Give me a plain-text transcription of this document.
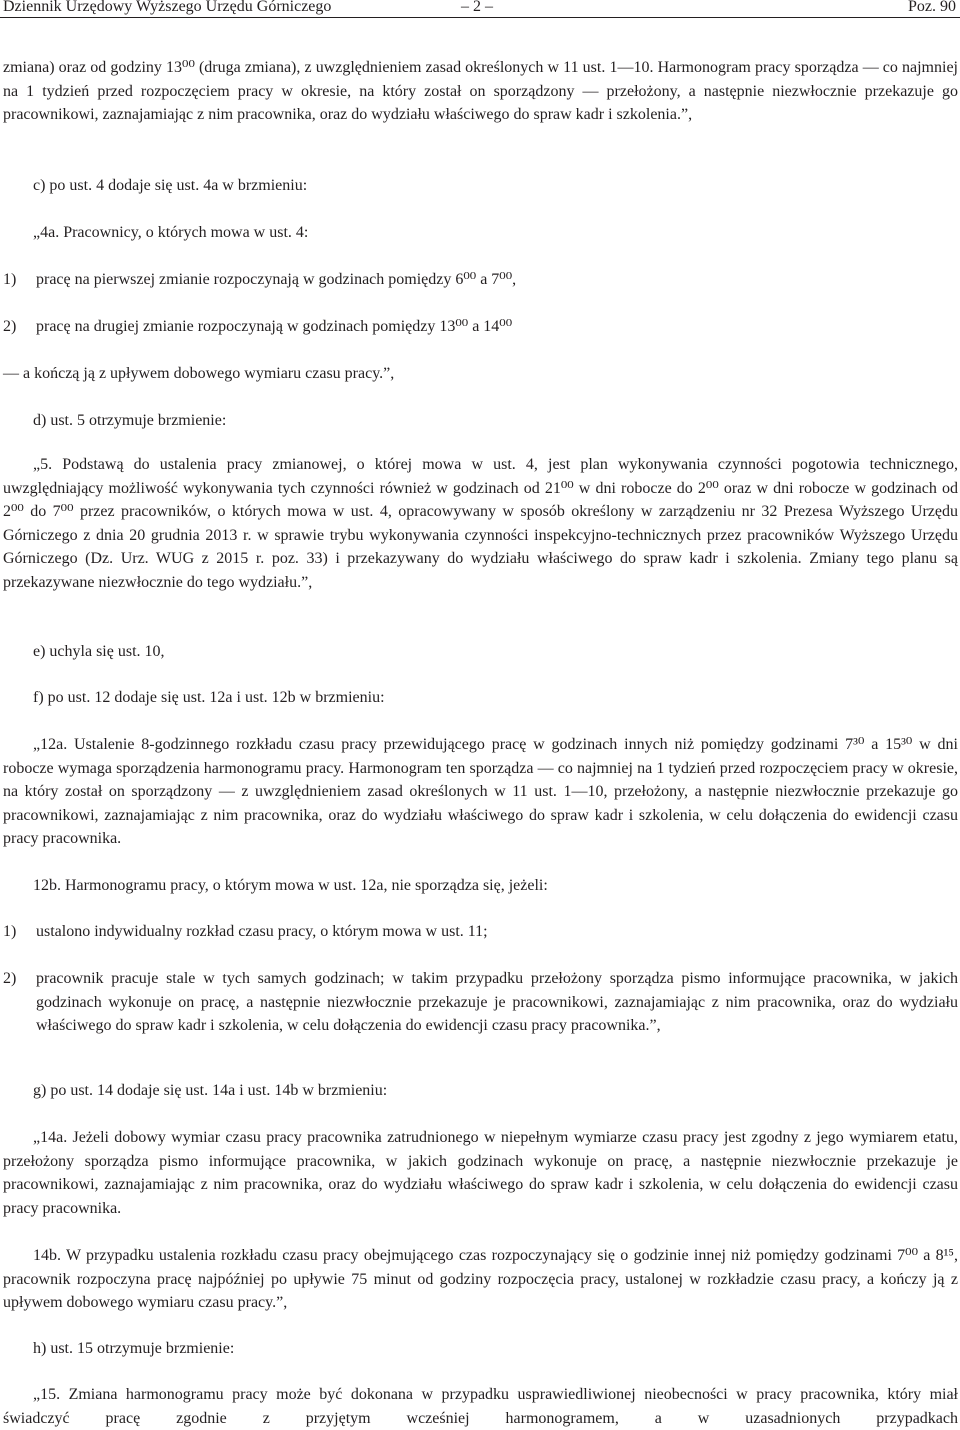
Dziennik Urzędowy Wyższego Urzędu Górniczego	– 2 –	Poz. 90

zmiana) oraz od godziny 13⁰⁰ (druga zmiana), z uwzględnieniem zasad określonych w 11 ust. 1—10. Harmonogram pracy sporządza — co najmniej na 1 tydzień przed rozpoczęciem pracy w okresie, na który został on sporządzony — przełożony, a następnie niezwłocznie przekazuje go pracownikowi, zaznajamiając z nim pracownika, oraz do wydziału właściwego do spraw kadr i szkolenia.”,

c) po ust. 4 dodaje się ust. 4a w brzmieniu:

„4a. Pracownicy, o których mowa w ust. 4:

1) pracę na pierwszej zmianie rozpoczynają w godzinach pomiędzy 6⁰⁰ a 7⁰⁰,
2) pracę na drugiej zmianie rozpoczynają w godzinach pomiędzy 13⁰⁰ a 14⁰⁰

— a kończą ją z upływem dobowego wymiaru czasu pracy.”,

d) ust. 5 otrzymuje brzmienie:

„5. Podstawą do ustalenia pracy zmianowej, o której mowa w ust. 4, jest plan wykonywania czynności pogotowia technicznego, uwzględniający możliwość wykonywania tych czynności również w godzinach od 21⁰⁰ w dni robocze do 2⁰⁰ oraz w dni robocze w godzinach od 2⁰⁰ do 7⁰⁰ przez pracowników, o których mowa w ust. 4, opracowywany w sposób określony w zarządzeniu nr 32 Prezesa Wyższego Urzędu Górniczego z dnia 20 grudnia 2013 r. w sprawie trybu wykonywania czynności inspekcyjno-technicznych przez pracowników Wyższego Urzędu Górniczego (Dz. Urz. WUG z 2015 r. poz. 33) i przekazywany do wydziału właściwego do spraw kadr i szkolenia. Zmiany tego planu są przekazywane niezwłocznie do tego wydziału.”,

e) uchyla się ust. 10,

f) po ust. 12 dodaje się ust. 12a i ust. 12b w brzmieniu:

„12a. Ustalenie 8-godzinnego rozkładu czasu pracy przewidującego pracę w godzinach innych niż pomiędzy godzinami 7³⁰ a 15³⁰ w dni robocze wymaga sporządzenia harmonogramu pracy. Harmonogram ten sporządza — co najmniej na 1 tydzień przed rozpoczęciem pracy w okresie, na który został on sporządzony — z uwzględnieniem zasad określonych w 11 ust. 1—10, przełożony, a następnie niezwłocznie przekazuje go pracownikowi, zaznajamiając z nim pracownika, oraz do wydziału właściwego do spraw kadr i szkolenia, w celu dołączenia do ewidencji czasu pracy pracownika.

12b. Harmonogramu pracy, o którym mowa w ust. 12a, nie sporządza się, jeżeli:

1) ustalono indywidualny rozkład czasu pracy, o którym mowa w ust. 11;
2) pracownik pracuje stale w tych samych godzinach; w takim przypadku przełożony sporządza pismo informujące pracownika, w jakich godzinach wykonuje on pracę, a następnie niezwłocznie przekazuje je pracownikowi, zaznajamiając z nim pracownika, oraz do wydziału właściwego do spraw kadr i szkolenia, w celu dołączenia do ewidencji czasu pracy pracownika.”,

g) po ust. 14 dodaje się ust. 14a i ust. 14b w brzmieniu:

„14a. Jeżeli dobowy wymiar czasu pracy pracownika zatrudnionego w niepełnym wymiarze czasu pracy jest zgodny z jego wymiarem etatu, przełożony sporządza pismo informujące pracownika, w jakich godzinach wykonuje on pracę, a następnie niezwłocznie przekazuje je pracownikowi, zaznajamiając z nim pracownika, oraz do wydziału właściwego do spraw kadr i szkolenia, w celu dołączenia do ewidencji czasu pracy pracownika.

14b. W przypadku ustalenia rozkładu czasu pracy obejmującego czas rozpoczynający się o godzinie innej niż pomiędzy godzinami 7⁰⁰ a 8¹⁵, pracownik rozpoczyna pracę najpóźniej po upływie 75 minut od godziny rozpoczęcia pracy, ustalonej w rozkładzie czasu pracy, a kończy ją z upływem dobowego wymiaru czasu pracy.”,

h) ust. 15 otrzymuje brzmienie:

„15. Zmiana harmonogramu pracy może być dokonana w przypadku usprawiedliwionej nieobecności w pracy pracownika, który miał świadczyć pracę zgodnie z przyjętym wcześniej harmonogramem, a w uzasadnionych przypadkach
